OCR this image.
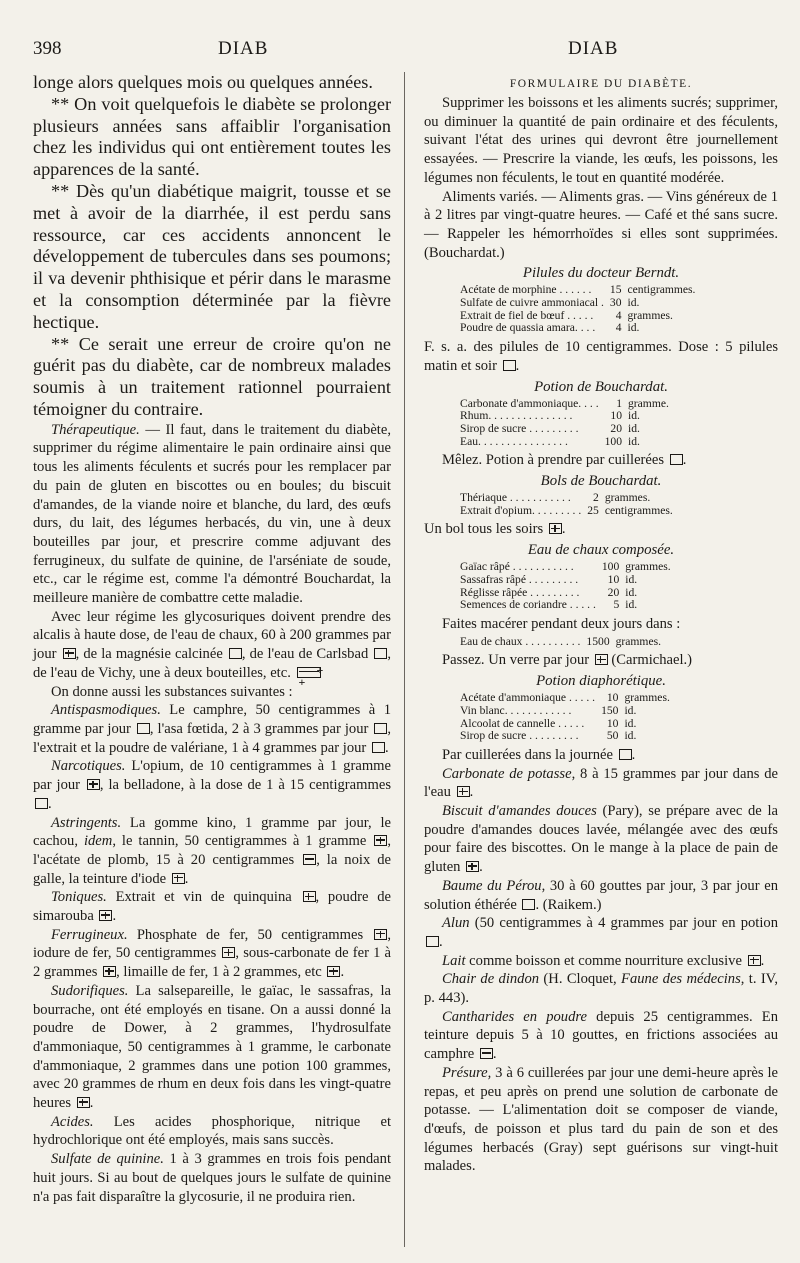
398	DIAB	DIAB

longe alors quelques mois ou quelques années.

** On voit quelquefois le diabète se prolonger plusieurs années sans affaiblir l'organisation chez les individus qui ont entièrement toutes les apparences de la santé.

** Dès qu'un diabétique maigrit, tousse et se met à avoir de la diarrhée, il est perdu sans ressource, car ces accidents annoncent le développement de tubercules dans ses poumons; il va devenir phthisique et périr dans le marasme et la consomption déterminée par la fièvre hectique.

** Ce serait une erreur de croire qu'on ne guérit pas du diabète, car de nombreux malades soumis à un traitement rationnel pourraient témoigner du contraire.

Thérapeutique. — Il faut, dans le traitement du diabète, supprimer du régime alimentaire le pain ordinaire ainsi que tous les aliments féculents et sucrés pour les remplacer par du pain de gluten en biscottes ou en boules; du biscuit d'amandes, de la viande noire et blanche, du lard, des œufs durs, du lait, des légumes herbacés, du vin, une à deux bouteilles par jour, et prescrire comme adjuvant des ferrugineux, du sulfate de quinine, de l'arséniate de soude, etc., car le régime est, comme l'a démontré Bouchardat, la meilleure manière de combattre cette maladie.

Avec leur régime les glycosuriques doivent prendre des alcalis à haute dose, de l'eau de chaux, 60 à 200 grammes par jour , de la magnésie calcinée , de l'eau de Carlsbad , de l'eau de Vichy, une à deux bouteilles, etc. + +

On donne aussi les substances suivantes :

Antispasmodiques. Le camphre, 50 centigrammes à 1 gramme par jour , l'asa fœtida, 2 à 3 grammes par jour , l'extrait et la poudre de valériane, 1 à 4 grammes par jour .

Narcotiques. L'opium, de 10 centigrammes à 1 gramme par jour , la belladone, à la dose de 1 à 15 centigrammes .

Astringents. La gomme kino, 1 gramme par jour, le cachou, idem, le tannin, 50 centigrammes à 1 gramme , l'acétate de plomb, 15 à 20 centigrammes , la noix de galle, la teinture d'iode .

Toniques. Extrait et vin de quinquina , poudre de simarouba .

Ferrugineux. Phosphate de fer, 50 centigrammes , iodure de fer, 50 centigrammes , sous-carbonate de fer 1 à 2 grammes , limaille de fer, 1 à 2 grammes, etc .

Sudorifiques. La salsepareille, le gaïac, le sassafras, la bourrache, ont été employés en tisane. On a aussi donné la poudre de Dower, à 2 grammes, l'hydrosulfate d'ammoniaque, 50 centigrammes à 1 gramme, le carbonate d'ammoniaque, 2 grammes dans une potion 100 grammes, avec 20 grammes de rhum en deux fois dans les vingt-quatre heures .

Acides. Les acides phosphorique, nitrique et hydrochlorique ont été employés, mais sans succès.

Sulfate de quinine. 1 à 3 grammes en trois fois pendant huit jours. Si au bout de quelques jours le sulfate de quinine n'a pas fait disparaître la glycosurie, il ne produira rien.

FORMULAIRE DU DIABÈTE.

Supprimer les boissons et les aliments sucrés; supprimer, ou diminuer la quantité de pain ordinaire et des féculents, suivant l'état des urines qui devront être journellement essayées. — Prescrire la viande, les œufs, les poissons, les légumes non féculents, le tout en quantité modérée.

Aliments variés. — Aliments gras. — Vins généreux de 1 à 2 litres par vingt-quatre heures. — Café et thé sans sucre. — Rappeler les hémorrhoïdes si elles sont supprimées. (Bouchardat.)

Pilules du docteur Berndt.
Acétate de morphine . . . . . .	15	centigrammes.
Sulfate de cuivre ammoniacal .	30	id.
Extrait de fiel de bœuf . . . . .	4	grammes.
Poudre de quassia amara. . . .	4	id.

F. s. a. des pilules de 10 centigrammes. Dose : 5 pilules matin et soir .

Potion de Bouchardat.
Carbonate d'ammoniaque. . . .	1	gramme.
Rhum. . . . . . . . . . . . . . .	10	id.
Sirop de sucre . . . . . . . . .	20	id.
Eau. . . . . . . . . . . . . . . .	100	id.

Mêlez. Potion à prendre par cuillerées .

Bols de Bouchardat.
Thériaque . . . . . . . . . . .	2	grammes.
Extrait d'opium. . . . . . . . .	25	centigrammes.

Un bol tous les soirs .

Eau de chaux composée.
Gaïac râpé . . . . . . . . . . .	100	grammes.
Sassafras râpé . . . . . . . . .	10	id.
Réglisse râpée . . . . . . . . .	20	id.
Semences de coriandre . . . . .	5	id.

Faites macérer pendant deux jours dans :

Eau de chaux . . . . . . . . . .	1500	grammes.

Passez. Un verre par jour  (Carmichael.)

Potion diaphorétique.
Acétate d'ammoniaque . . . . .	10	grammes.
Vin blanc. . . . . . . . . . . .	150	id.
Alcoolat de cannelle . . . . .	10	id.
Sirop de sucre . . . . . . . . .	50	id.

Par cuillerées dans la journée .

Carbonate de potasse, 8 à 15 grammes par jour dans de l'eau .

Biscuit d'amandes douces (Pary), se prépare avec de la poudre d'amandes douces lavée, mélangée avec des œufs pour faire des biscottes. On le mange à la place de pain de gluten .

Baume du Pérou, 30 à 60 gouttes par jour, 3 par jour en solution éthérée . (Raikem.)

Alun (50 centigrammes à 4 grammes par jour en potion .

Lait comme boisson et comme nourriture exclusive .

Chair de dindon (H. Cloquet, Faune des médecins, t. IV, p. 443).

Cantharides en poudre depuis 25 centigrammes. En teinture depuis 5 à 10 gouttes, en frictions associées au camphre .

Présure, 3 à 6 cuillerées par jour une demi-heure après le repas, et peu après on prend une solution de carbonate de potasse. — L'alimentation doit se composer de viande, d'œufs, de poisson et plus tard du pain de son et des légumes herbacés (Gray) sept guérisons sur vingt-huit malades.
